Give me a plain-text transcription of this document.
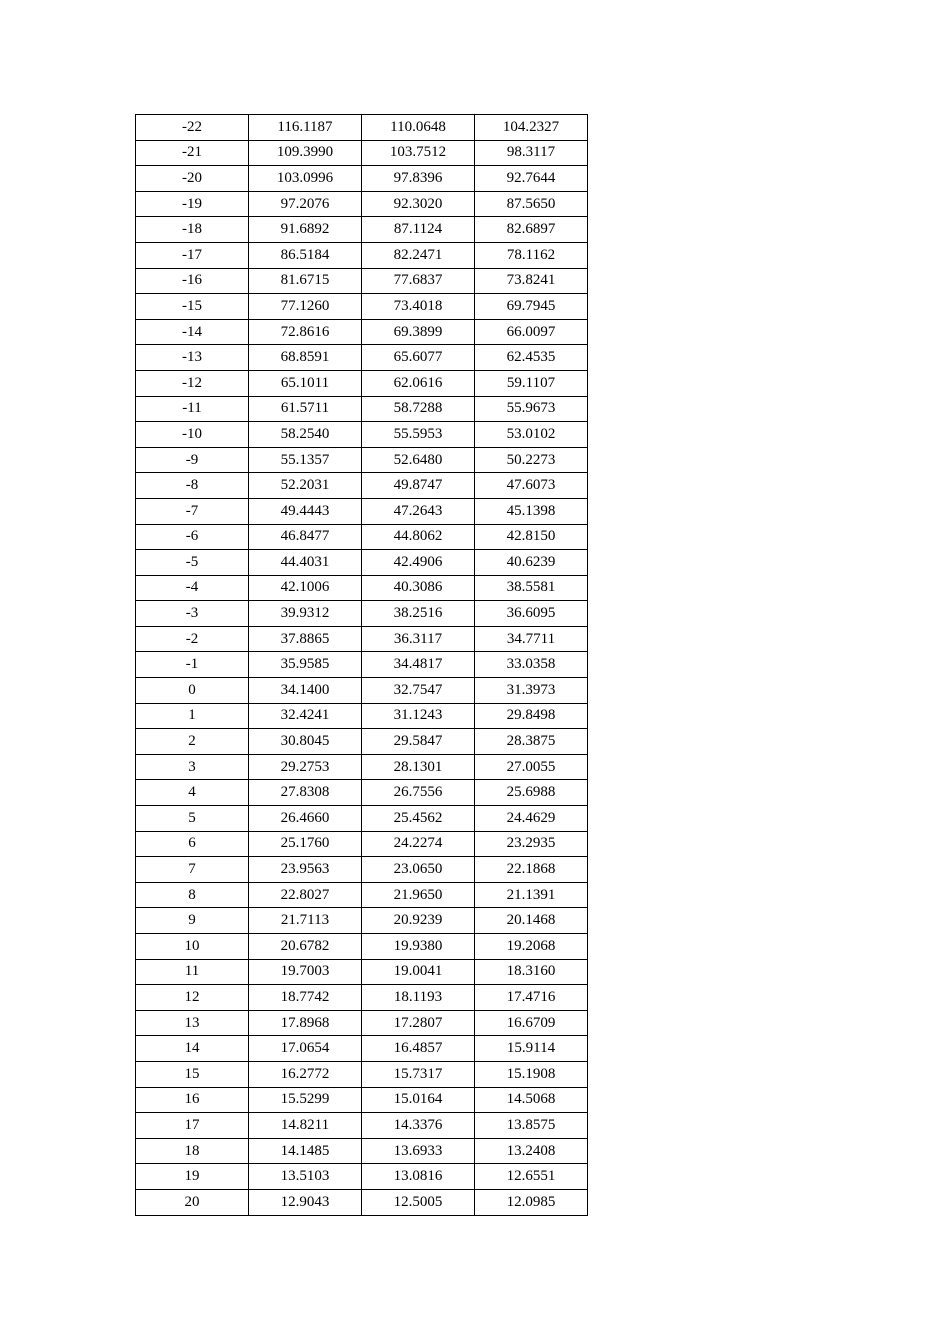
-22	116.1187	110.0648	104.2327
-21	109.3990	103.7512	98.3117
-20	103.0996	97.8396	92.7644
-19	97.2076	92.3020	87.5650
-18	91.6892	87.1124	82.6897
-17	86.5184	82.2471	78.1162
-16	81.6715	77.6837	73.8241
-15	77.1260	73.4018	69.7945
-14	72.8616	69.3899	66.0097
-13	68.8591	65.6077	62.4535
-12	65.1011	62.0616	59.1107
-11	61.5711	58.7288	55.9673
-10	58.2540	55.5953	53.0102
-9	55.1357	52.6480	50.2273
-8	52.2031	49.8747	47.6073
-7	49.4443	47.2643	45.1398
-6	46.8477	44.8062	42.8150
-5	44.4031	42.4906	40.6239
-4	42.1006	40.3086	38.5581
-3	39.9312	38.2516	36.6095
-2	37.8865	36.3117	34.7711
-1	35.9585	34.4817	33.0358
0	34.1400	32.7547	31.3973
1	32.4241	31.1243	29.8498
2	30.8045	29.5847	28.3875
3	29.2753	28.1301	27.0055
4	27.8308	26.7556	25.6988
5	26.4660	25.4562	24.4629
6	25.1760	24.2274	23.2935
7	23.9563	23.0650	22.1868
8	22.8027	21.9650	21.1391
9	21.7113	20.9239	20.1468
10	20.6782	19.9380	19.2068
11	19.7003	19.0041	18.3160
12	18.7742	18.1193	17.4716
13	17.8968	17.2807	16.6709
14	17.0654	16.4857	15.9114
15	16.2772	15.7317	15.1908
16	15.5299	15.0164	14.5068
17	14.8211	14.3376	13.8575
18	14.1485	13.6933	13.2408
19	13.5103	13.0816	12.6551
20	12.9043	12.5005	12.0985
